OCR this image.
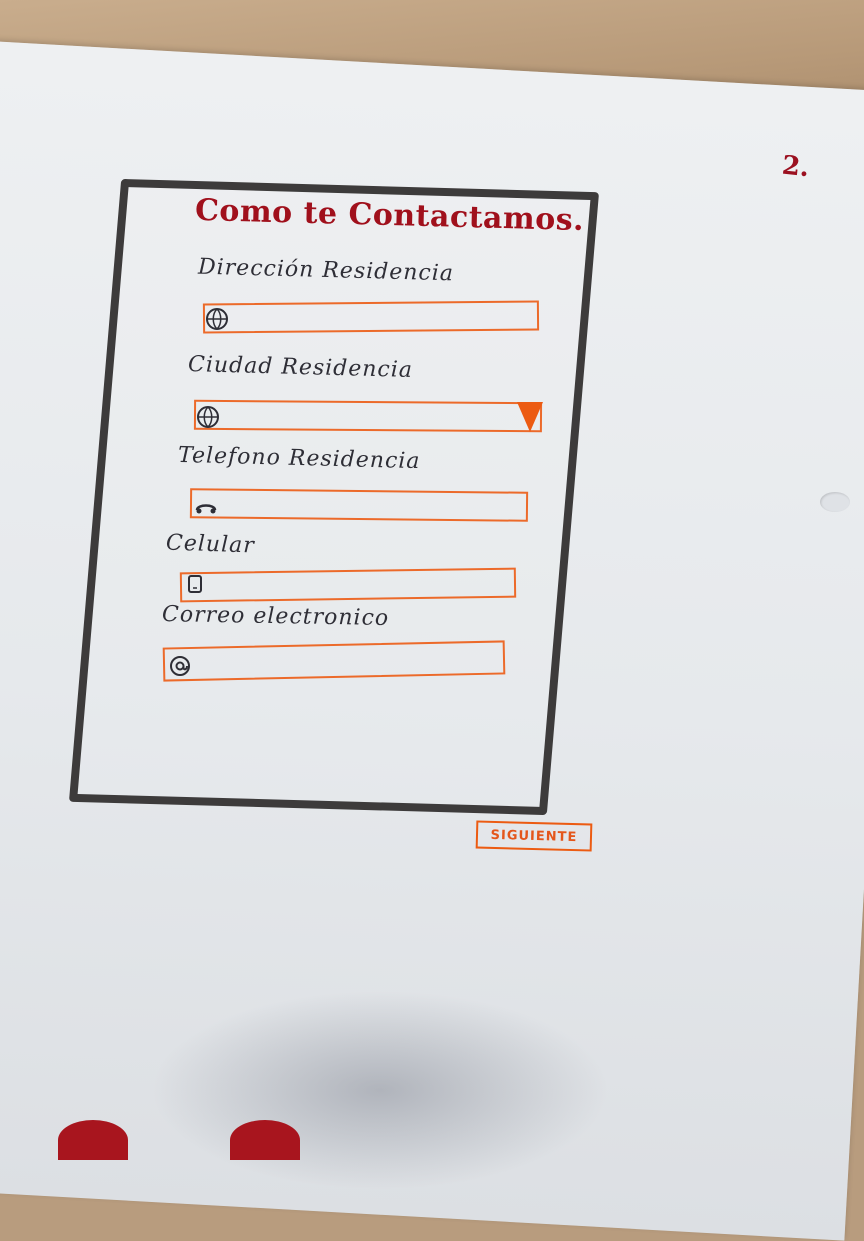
2.
Como te Contactamos.
Dirección Residencia
Ciudad Residencia
Telefono Residencia
Celular
Correo electronico
SIGUIENTE
